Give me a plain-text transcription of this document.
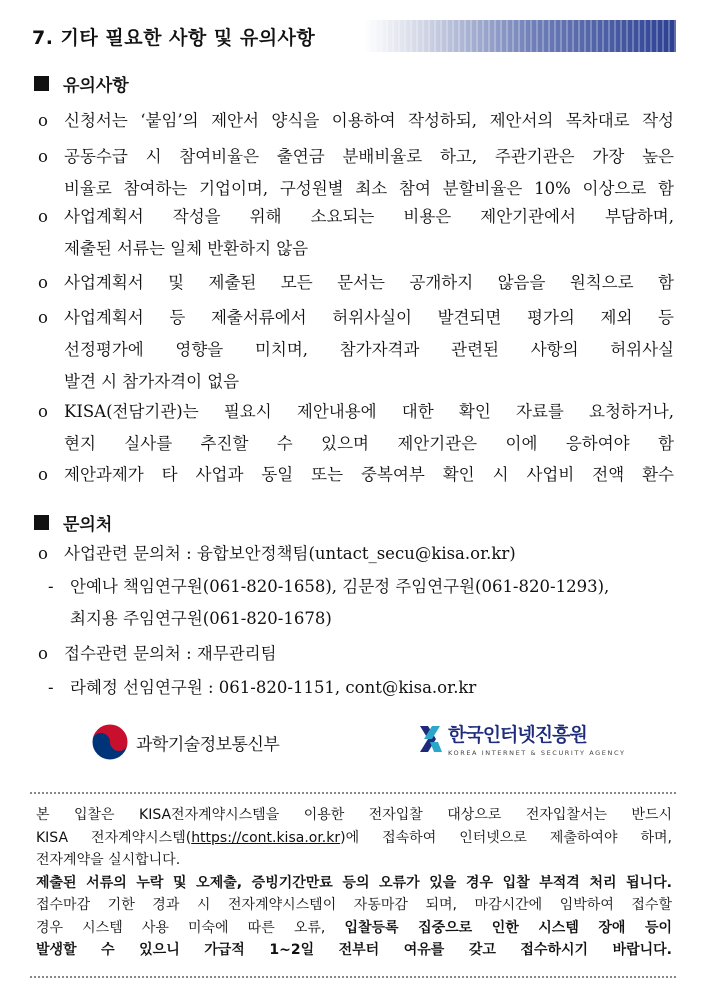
7. 기타 필요한 사항 및 유의사항
유의사항
o 신청서는 ‘붙임’의 제안서 양식을 이용하여 작성하되, 제안서의 목차대로 작성
o 공동수급 시 참여비율은 출연금 분배비율로 하고, 주관기관은 가장 높은
비율로 참여하는 기업이며, 구성원별 최소 참여 분할비율은 10% 이상으로 함
o 사업계획서 작성을 위해 소요되는 비용은 제안기관에서 부담하며,
제출된 서류는 일체 반환하지 않음
o 사업계획서 및 제출된 모든 문서는 공개하지 않음을 원칙으로 함
o 사업계획서 등 제출서류에서 허위사실이 발견되면 평가의 제외 등
선정평가에 영향을 미치며, 참가자격과 관련된 사항의 허위사실
발견 시 참가자격이 없음
o KISA(전담기관)는 필요시 제안내용에 대한 확인 자료를 요청하거나,
현지 실사를 추진할 수 있으며 제안기관은 이에 응하여야 함
o 제안과제가 타 사업과 동일 또는 중복여부 확인 시 사업비 전액 환수
문의처
o 사업관련 문의처 : 융합보안정책팀(untact_secu@kisa.or.kr)
- 안예나 책임연구원(061-820-1658), 김문정 주임연구원(061-820-1293),
최지용 주임연구원(061-820-1678)
o 접수관련 문의처 : 재무관리팀
- 라혜정 선임연구원 : 061-820-1151, cont@kisa.or.kr
과학기술정보통신부	한국인터넷진흥원
KOREA INTERNET & SECURITY AGENCY
본 입찰은 KISA전자계약시스템을 이용한 전자입찰 대상으로 전자입찰서는 반드시
KISA 전자계약시스템(https://cont.kisa.or.kr)에 접속하여 인터넷으로 제출하여야 하며,
전자계약을 실시합니다.
제출된 서류의 누락 및 오제출, 증빙기간만료 등의 오류가 있을 경우 입찰 부적격 처리 됩니다.
접수마감 기한 경과 시 전자계약시스템이 자동마감 되며, 마감시간에 임박하여 접수할
경우 시스템 사용 미숙에 따른 오류, 입찰등록 집중으로 인한 시스템 장애 등이
발생할 수 있으니 가급적 1~2일 전부터 여유를 갖고 접수하시기 바랍니다.
